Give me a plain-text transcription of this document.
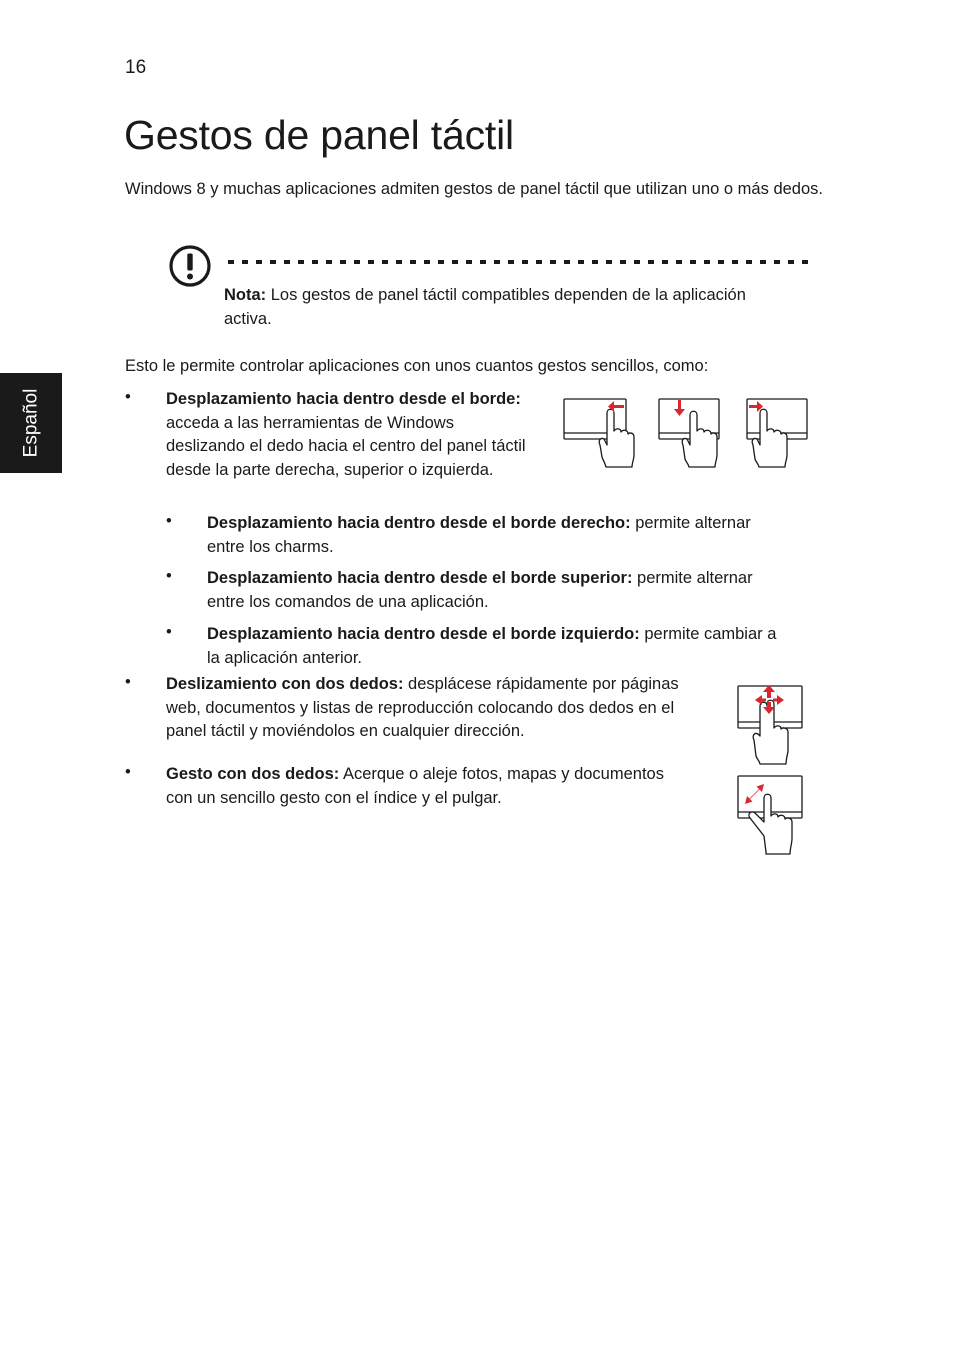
16
Gestos de panel táctil
Español
Windows 8 y muchas aplicaciones admiten gestos de panel táctil que utilizan uno o más dedos.
Nota: Los gestos de panel táctil compatibles dependen de la aplicación activa.
Esto le permite controlar aplicaciones con unos cuantos gestos sencillos, como:
• Desplazamiento hacia dentro desde el borde: acceda a las herramientas de Windows deslizando el dedo hacia el centro del panel táctil desde la parte derecha, superior o izquierda.
• Desplazamiento hacia dentro desde el borde derecho: permite alternar entre los charms.
• Desplazamiento hacia dentro desde el borde superior: permite alternar entre los comandos de una aplicación.
• Desplazamiento hacia dentro desde el borde izquierdo: permite cambiar a la aplicación anterior.
• Deslizamiento con dos dedos: desplácese rápidamente por páginas web, documentos y listas de reproducción colocando dos dedos en el panel táctil y moviéndolos en cualquier dirección.
• Gesto con dos dedos: Acerque o aleje fotos, mapas y documentos con un sencillo gesto con el índice y el pulgar.
